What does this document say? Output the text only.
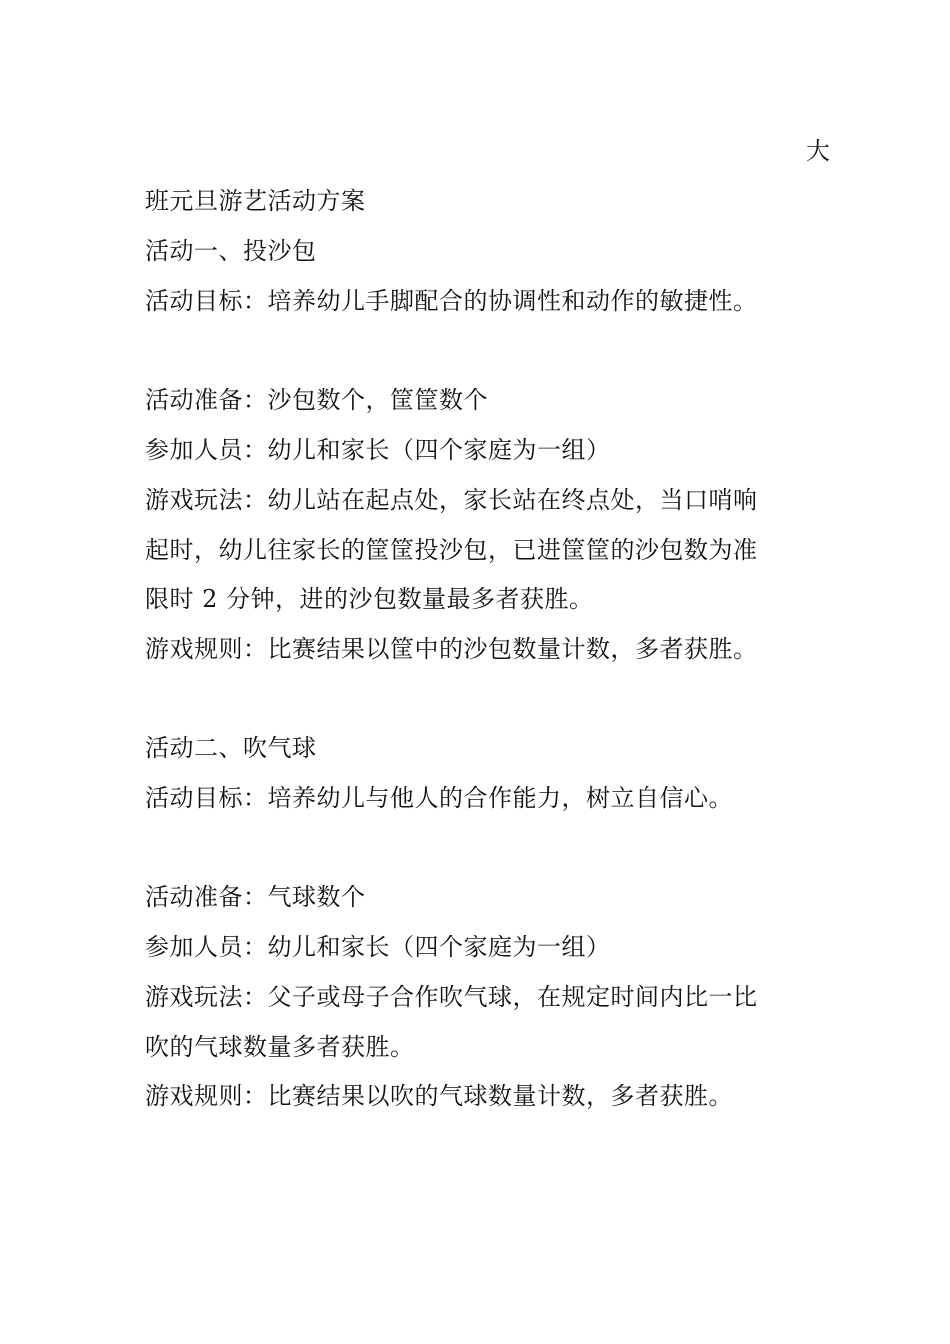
大
班元旦游艺活动方案
活动一、投沙包
活动目标：培养幼儿手脚配合的协调性和动作的敏捷性。
活动准备：沙包数个，筐筐数个
参加人员：幼儿和家长（四个家庭为一组）
游戏玩法：幼儿站在起点处，家长站在终点处，当口哨响
起时，幼儿往家长的筐筐投沙包，已进筐筐的沙包数为准
限时 2 分钟，进的沙包数量最多者获胜。
游戏规则：比赛结果以筐中的沙包数量计数，多者获胜。
活动二、吹气球
活动目标：培养幼儿与他人的合作能力，树立自信心。
活动准备：气球数个
参加人员：幼儿和家长（四个家庭为一组）
游戏玩法：父子或母子合作吹气球，在规定时间内比一比
吹的气球数量多者获胜。
游戏规则：比赛结果以吹的气球数量计数，多者获胜。
